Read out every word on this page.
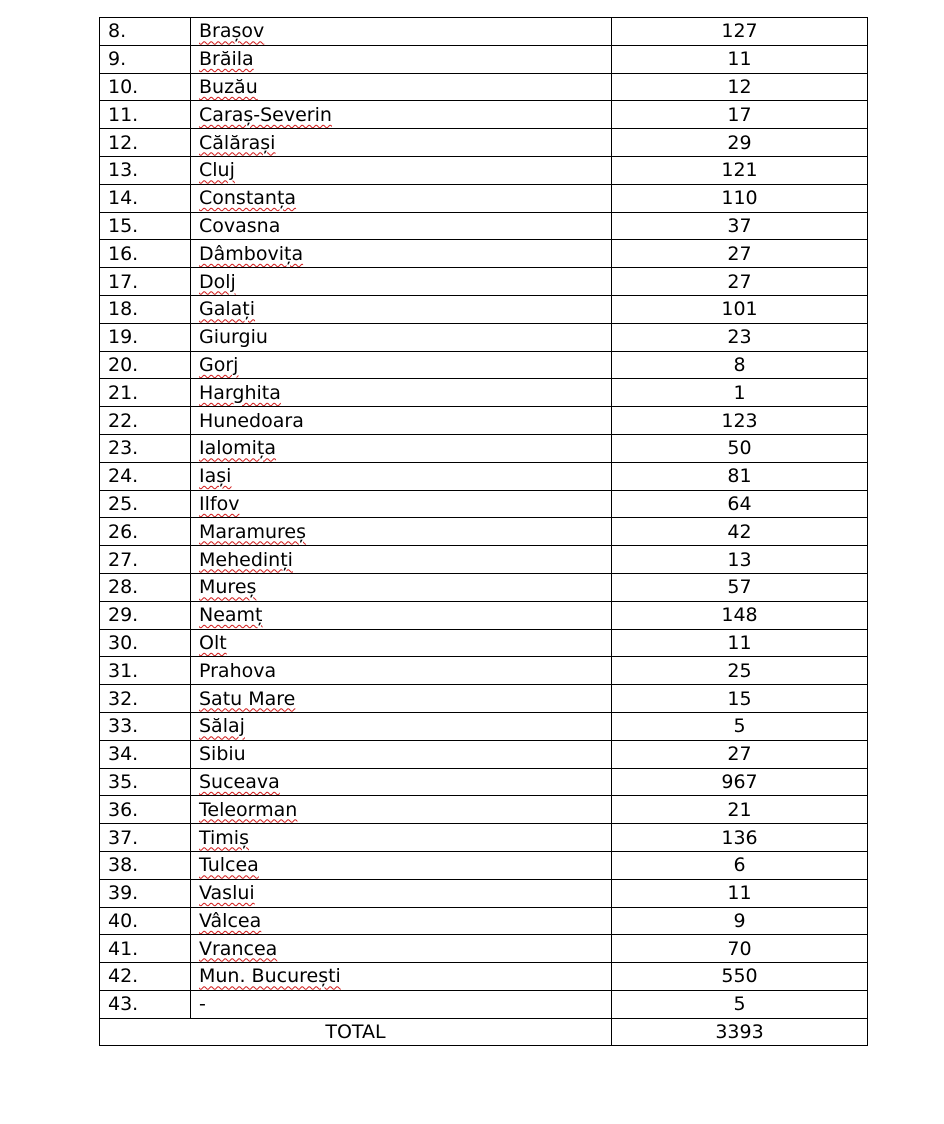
8.	Brașov	127
9.	Brăila	11
10.	Buzău	12
11.	Caraș-Severin	17
12.	Călărași	29
13.	Cluj	121
14.	Constanța	110
15.	Covasna	37
16.	Dâmbovița	27
17.	Dolj	27
18.	Galați	101
19.	Giurgiu	23
20.	Gorj	8
21.	Harghita	1
22.	Hunedoara	123
23.	Ialomița	50
24.	Iași	81
25.	Ilfov	64
26.	Maramureș	42
27.	Mehedinți	13
28.	Mureș	57
29.	Neamț	148
30.	Olt	11
31.	Prahova	25
32.	Satu Mare	15
33.	Sălaj	5
34.	Sibiu	27
35.	Suceava	967
36.	Teleorman	21
37.	Timiș	136
38.	Tulcea	6
39.	Vaslui	11
40.	Vâlcea	9
41.	Vrancea	70
42.	Mun. București	550
43.	-	5
TOTAL		3393
